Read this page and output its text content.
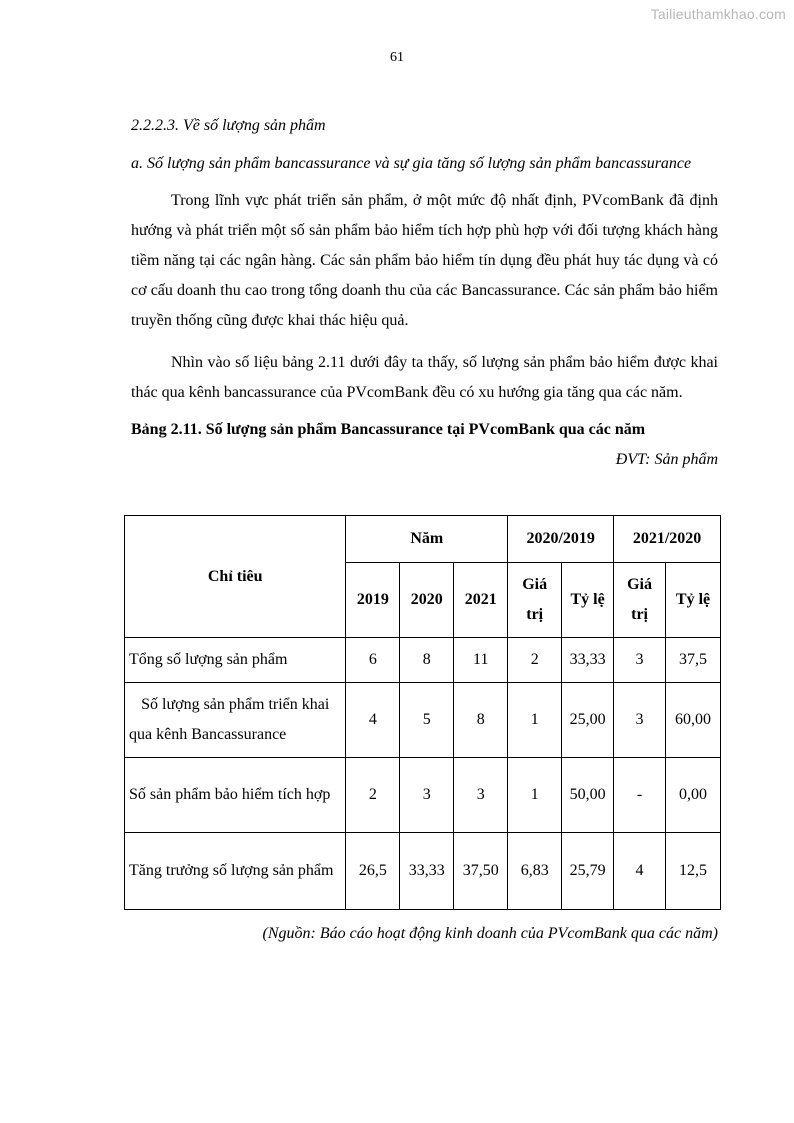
Tailieuthamkhao.com
61

2.2.2.3. Về số lượng sản phẩm

a. Số lượng sản phẩm bancassurance và sự gia tăng số lượng sản phẩm bancassurance

Trong lĩnh vực phát triển sản phẩm, ở một mức độ nhất định, PVcomBank đã định hướng và phát triển một số sản phẩm bảo hiểm tích hợp phù hợp với đối tượng khách hàng tiềm năng tại các ngân hàng. Các sản phẩm bảo hiểm tín dụng đều phát huy tác dụng và có cơ cấu doanh thu cao trong tổng doanh thu của các Bancassurance. Các sản phẩm bảo hiểm truyền thống cũng được khai thác hiệu quả.

Nhìn vào số liệu bảng 2.11 dưới đây ta thấy, số lượng sản phẩm bảo hiểm được khai thác qua kênh bancassurance của PVcomBank đều có xu hướng gia tăng qua các năm.

Bảng 2.11. Số lượng sản phẩm Bancassurance tại PVcomBank qua các năm

ĐVT: Sản phẩm

Chỉ tiêu	Năm			2020/2019		2021/2020	
	2019	2020	2021	Giá trị	Tỷ lệ	Giá trị	Tỷ lệ
Tổng số lượng sản phẩm	6	8	11	2	33,33	3	37,5
Số lượng sản phẩm triển khai qua kênh Bancassurance	4	5	8	1	25,00	3	60,00
Số sản phẩm bảo hiểm tích hợp	2	3	3	1	50,00	-	0,00
Tăng trưởng số lượng sản phẩm	26,5	33,33	37,50	6,83	25,79	4	12,5
(Nguồn: Báo cáo hoạt động kinh doanh của PVcomBank qua các năm)
